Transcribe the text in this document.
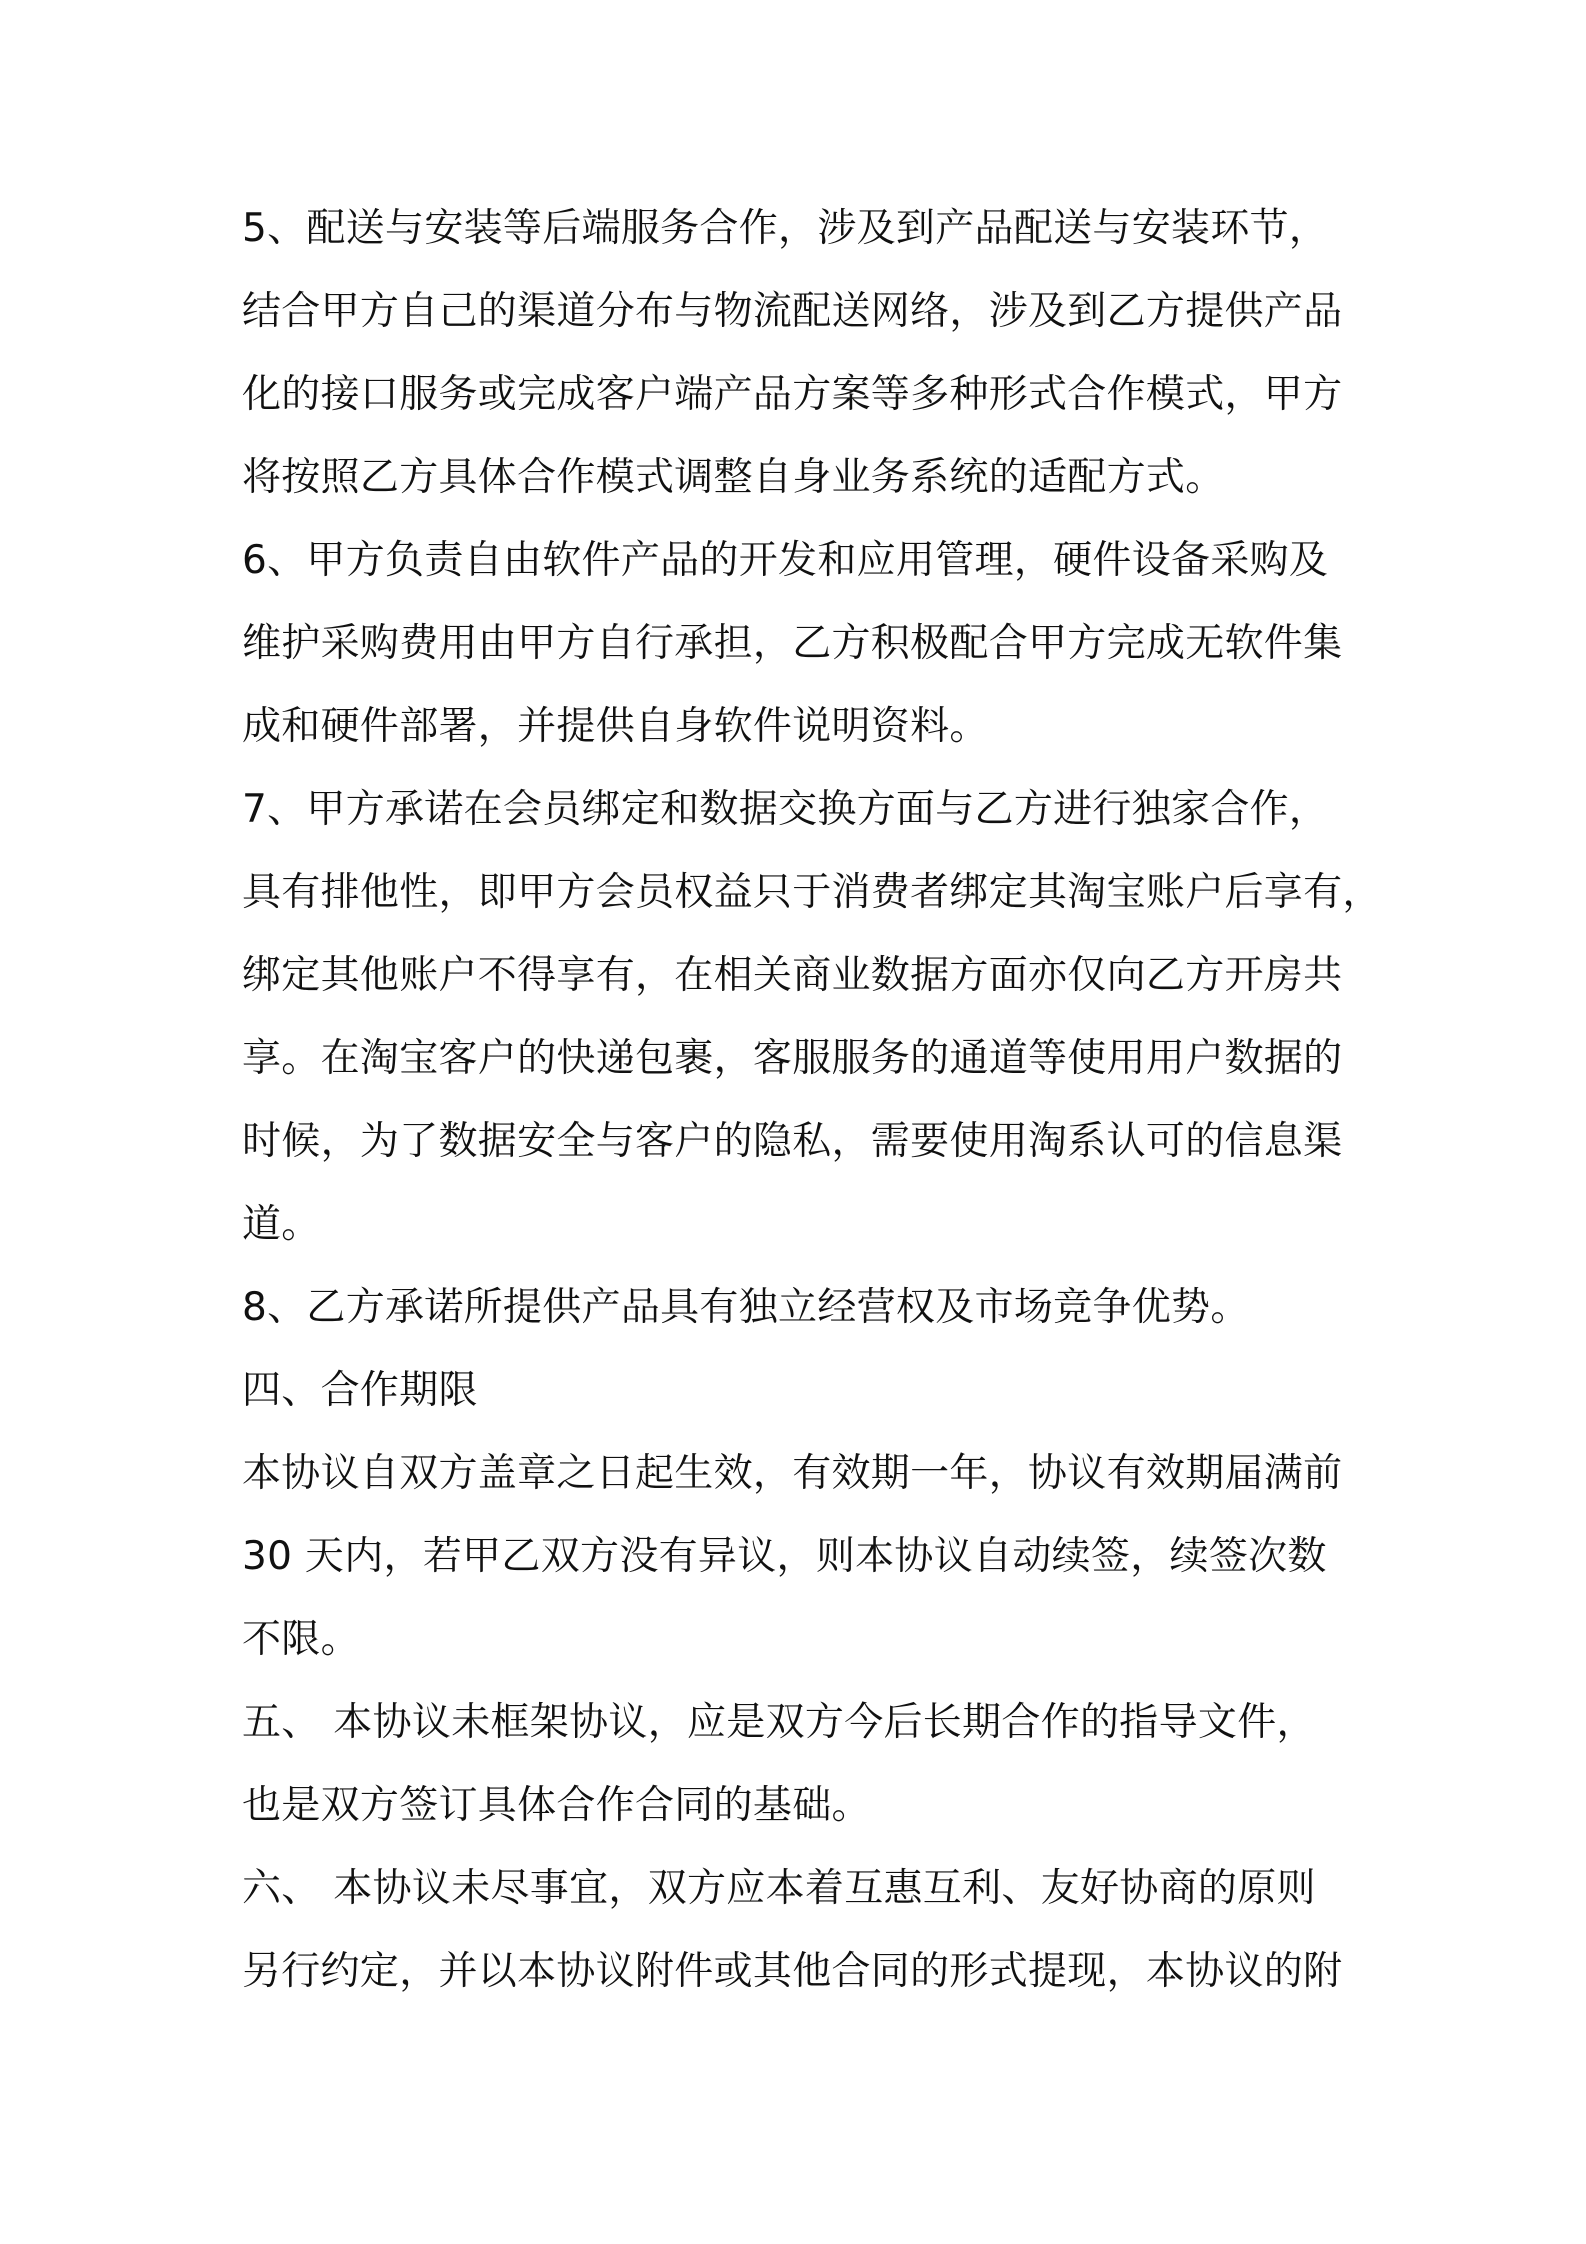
5、配送与安装等后端服务合作，涉及到产品配送与安装环节，
结合甲方自己的渠道分布与物流配送网络，涉及到乙方提供产品
化的接口服务或完成客户端产品方案等多种形式合作模式，甲方
将按照乙方具体合作模式调整自身业务系统的适配方式。
6、甲方负责自由软件产品的开发和应用管理，硬件设备采购及
维护采购费用由甲方自行承担，乙方积极配合甲方完成无软件集
成和硬件部署，并提供自身软件说明资料。
7、甲方承诺在会员绑定和数据交换方面与乙方进行独家合作，
具有排他性，即甲方会员权益只于消费者绑定其淘宝账户后享有，
绑定其他账户不得享有，在相关商业数据方面亦仅向乙方开房共
享。在淘宝客户的快递包裹，客服服务的通道等使用用户数据的
时候，为了数据安全与客户的隐私，需要使用淘系认可的信息渠
道。
8、乙方承诺所提供产品具有独立经营权及市场竞争优势。
四、合作期限
本协议自双方盖章之日起生效，有效期一年，协议有效期届满前
30 天内，若甲乙双方没有异议，则本协议自动续签，续签次数
不限。
五、 本协议未框架协议，应是双方今后长期合作的指导文件，
也是双方签订具体合作合同的基础。
六、 本协议未尽事宜，双方应本着互惠互利、友好协商的原则
另行约定，并以本协议附件或其他合同的形式提现，本协议的附
